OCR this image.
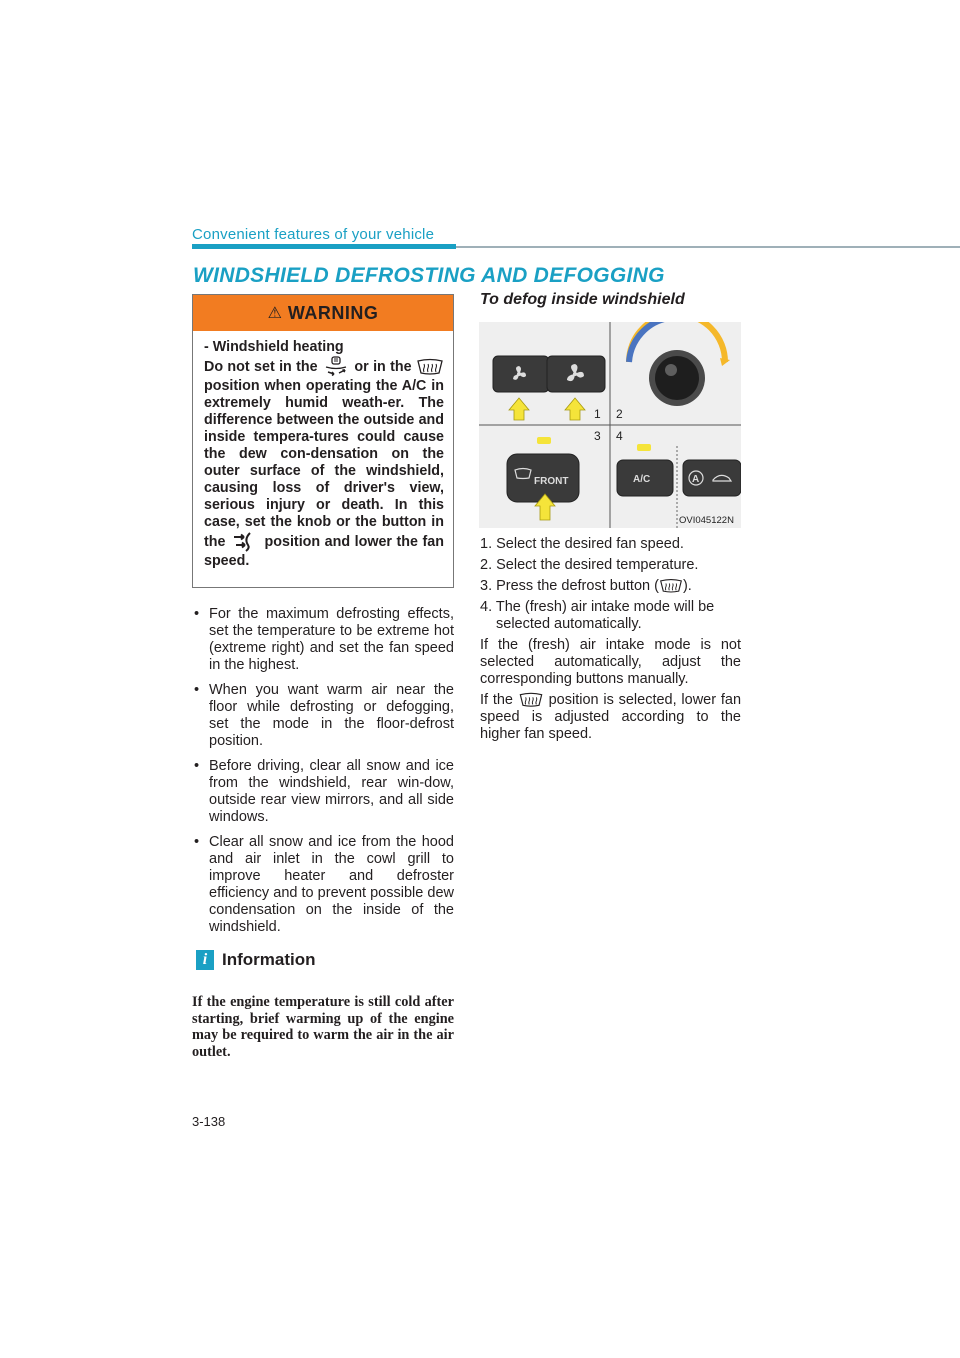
Convenient features of your vehicle
WINDSHIELD DEFROSTING AND DEFOGGING
⚠ WARNING

- Windshield heating

Do not set in the	or in the  position when operating the A/C in extremely humid weath-er. The difference between the outside and inside tempera-tures could cause the dew con-densation on the outer surface of the windshield, causing loss of driver's view, serious injury or death. In this case, set the knob or the button in the	position and lower the fan speed.

• For the maximum defrosting effects, set the temperature to be extreme hot (extreme right) and set the fan speed in the highest.
• When you want warm air near the floor while defrosting or defogging, set the mode in the floor-defrost position.
• Before driving, clear all snow and ice from the windshield, rear win-dow, outside rear view mirrors, and all side windows.
• Clear all snow and ice from the hood and air inlet in the cowl grill to improve heater and defroster efficiency and to prevent possible dew condensation on the inside of the windshield.
i Information

If the engine temperature is still cold after starting, brief warming up of the engine may be required to warm the air in the air outlet.

To defog inside windshield
1 2
3 4
FRONT	A/C	A
OVI045122N

1. Select the desired fan speed.

2. Select the desired temperature.

3. Press the defrost button ( ).

4. The (fresh) air intake mode will be selected automatically.

If the (fresh) air intake mode is not selected automatically, adjust the corresponding buttons manually.

If the position is selected, lower fan speed is adjusted according to the higher fan speed.

3-138
